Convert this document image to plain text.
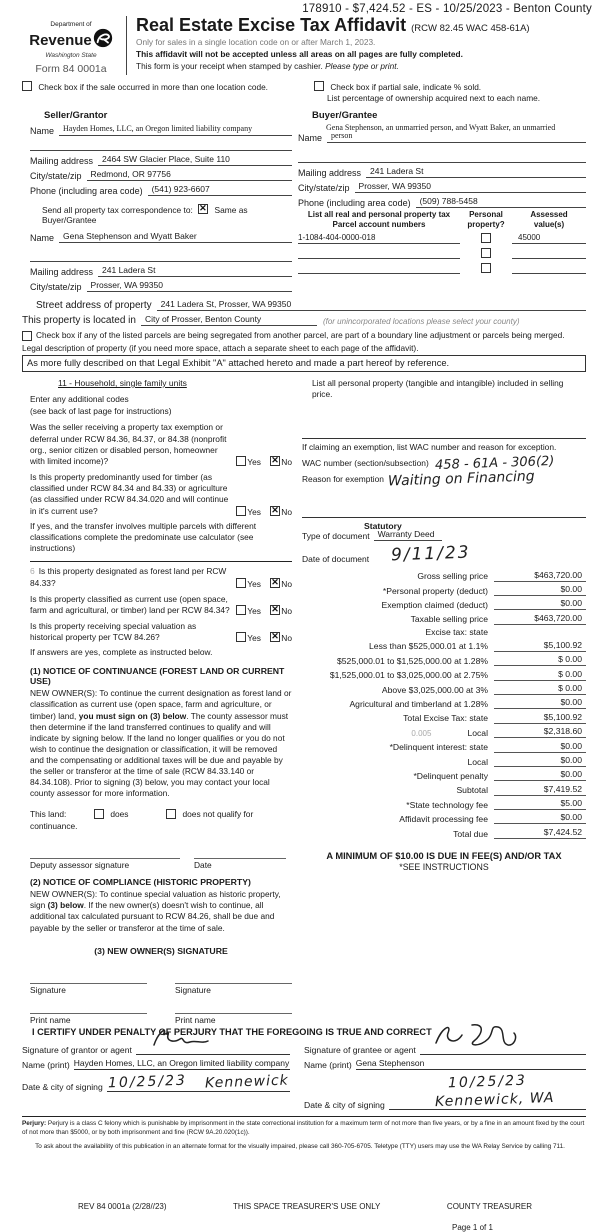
178910 - $7,424.52 - ES - 10/25/2023 - Benton County
Department of
Revenue
Washington State
Form 84 0001a
Real Estate Excise Tax Affidavit (RCW 82.45 WAC 458-61A)
Only for sales in a single location code on or after March 1, 2023.
This affidavit will not be accepted unless all areas on all pages are fully completed.
This form is your receipt when stamped by cashier. Please type or print.
Check box if the sale occurred in more than one location code.	Check box if partial sale, indicate % sold.
List percentage of ownership acquired next to each name.
Seller/Grantor
Name	Hayden Homes, LLC, an Oregon limited liability company
Mailing address	2464 SW Glacier Place, Suite 110
City/state/zip	Redmond, OR 97756
Phone (including area code)	(541) 923-6607
Send all property tax correspondence to: ✕	Same as Buyer/Grantee
Name	Gena Stephenson and Wyatt Baker
Mailing address	241 Ladera St
City/state/zip	Prosser, WA 99350
Buyer/Grantee
Gena Stephenson, an unmarried person, and Wyatt Baker, an unmarried
Name	person
Mailing address	241 Ladera St
City/state/zip	Prosser, WA 99350
Phone (including area code)	(509) 788-5458
List all real and personal property tax
Parcel account numbers
Personal
property?
Assessed
value(s)
1-1084-404-0000-018	45000
Street address of property	241 Ladera St, Prosser, WA 99350
This property is located in	City of Prosser, Benton County	(for unincorporated locations please select your county)
Check box if any of the listed parcels are being segregated from another parcel, are part of a boundary line adjustment or parcels being merged.
Legal description of property (if you need more space, attach a separate sheet to each page of the affidavit).
As more fully described on that Legal Exhibit "A" attached hereto and made a part hereof by reference.
11 - Household, single family units

Enter any additional codes

(see back of last page for instructions)

Was the seller receiving a property tax exemption or deferral under RCW 84.36, 84.37, or 84.38 (nonprofit org., senior citizen or disabled person, homeowner with limited income)?	Yes ✕ No
Is this property predominantly used for timber (as classified under RCW 84.34 and 84.33) or agriculture (as classified under RCW 84.34.020 and will continue in it's current use?	Yes ✕ No

If yes, and the transfer involves multiple parcels with different classifications complete the predominate use calculator (see instructions)

6 Is this property designated as forest land per RCW 84.33?	Yes ✕ No
Is this property classified as current use (open space, farm and agricultural, or timber) land per RCW 84.34?	Yes ✕ No
Is this property receiving special valuation as historical property per TCW 84.26?	Yes ✕ No

If answers are yes, complete as instructed below.

(1) NOTICE OF CONTINUANCE (FOREST LAND OR CURRENT USE)
NEW OWNER(S): To continue the current designation as forest land or classification as current use (open space, farm and agriculture, or timber) land, you must sign on (3) below. The county assessor must then determine if the land transferred continues to qualify and will indicate by signing below. If the land no longer qualifies or you do not wish to continue the designation or classification, it will be removed and the compensating or additional taxes will be due and payable by the seller or transferor at the time of sale (RCW 84.33.140 or 84.34.108). Prior to signing (3) below, you may contact your local county assessor for more information.
This land:	does	does not qualify for

continuance.

Deputy assessor signature	Date
(2) NOTICE OF COMPLIANCE (HISTORIC PROPERTY)
NEW OWNER(S): To continue special valuation as historic property, sign (3) below. If the new owner(s) doesn't wish to continue, all additional tax calculated pursuant to RCW 84.26, shall be due and payable by the seller or transferor at the time of sale.
(3) NEW OWNER(S) SIGNATURE
Signature	Signature
Print name	Print name

List all personal property (tangible and intangible) included in selling price.

If claiming an exemption, list WAC number and reason for exception.

WAC number (section/subsection) 458 - 61A - 306(2)
Reason for exemption Waiting on Financing
Statutory
Type of document Warranty Deed
Date of document	9/11/23
Gross selling price	$463,720.00
*Personal property (deduct)	$0.00
Exemption claimed (deduct)	$0.00
Taxable selling price	$463,720.00
Excise tax: state
Less than $525,000.01 at 1.1%	$5,100.92
$525,000.01 to $1,525,000.00 at 1.28%	$ 0.00
$1,525,000.01 to $3,025,000.00 at 2.75%	$ 0.00
Above $3,025,000.00 at 3%	$ 0.00
Agricultural and timberland at 1.28%	$0.00
Total Excise Tax: state	$5,100.92
0.005	Local	$2,318.60
*Delinquent interest: state	$0.00
Local	$0.00
*Delinquent penalty	$0.00
Subtotal	$7,419.52
*State technology fee	$5.00
Affidavit processing fee	$0.00
Total due	$7,424.52
A MINIMUM OF $10.00 IS DUE IN FEE(S) AND/OR TAX
*SEE INSTRUCTIONS
I CERTIFY UNDER PENALTY OF PERJURY THAT THE FOREGOING IS TRUE AND CORRECT
Signature of grantor or agent
Name (print) Hayden Homes, LLC, an Oregon limited liability company
Date & city of signing 10/25/23 Kennewick
Signature of grantee or agent
Name (print) Gena Stephenson
Date & city of signing
10/25/23 Kennewick, WA
Perjury: Perjury is a class C felony which is punishable by imprisonment in the state correctional institution for a maximum term of not more than five years, or by a fine in an amount fixed by the court of not more than $5000, or by both imprisonment and fine (RCW 9A.20.020(1c)).
To ask about the availability of this publication in an alternate format for the visually impaired, please call 360-705-6705. Teletype (TTY) users may use the WA Relay Service by calling 711.
REV 84 0001a (2/28//23)	THIS SPACE TREASURER'S USE ONLY	COUNTY TREASURER
Page 1 of 1
